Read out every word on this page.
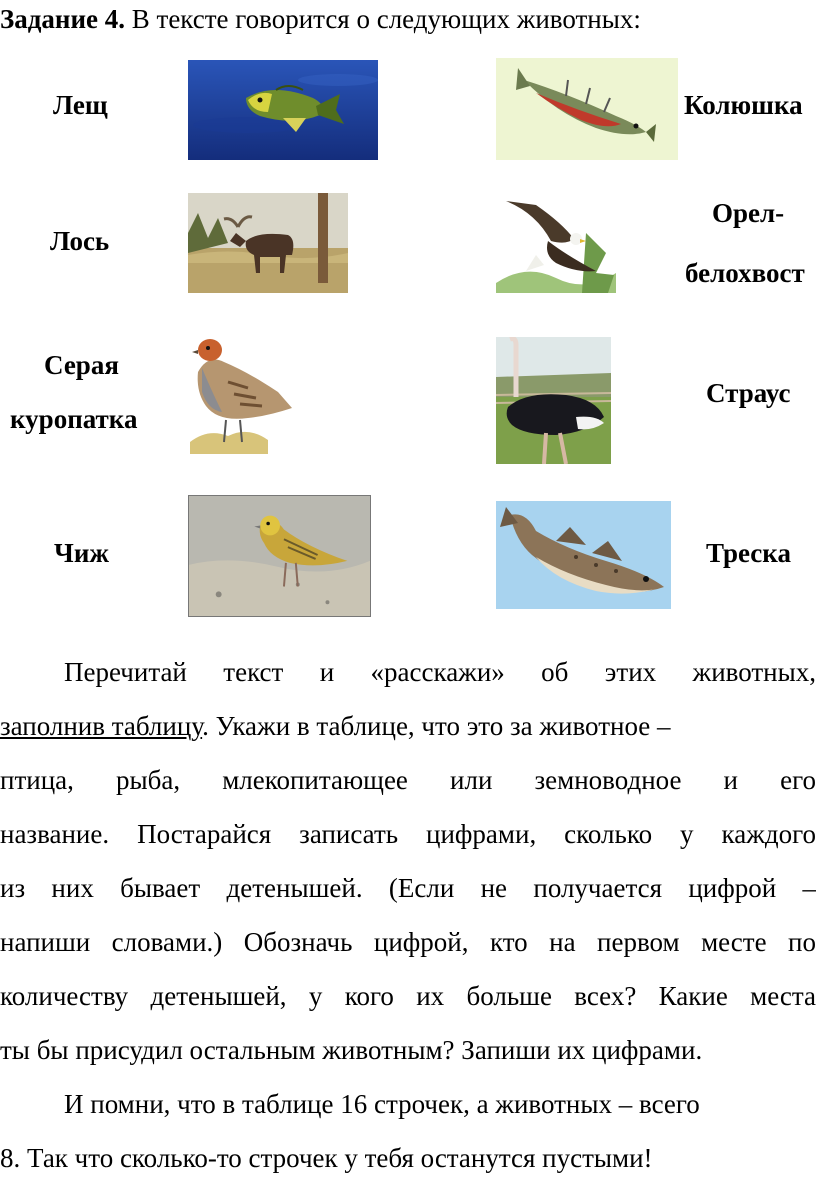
Задание 4. В тексте говорится о следующих животных:
Лещ	Колюшка
Лось
Орел-
белохвост
Серая
куропатка
Страус
Чиж	Треска
Перечитай текст и «расскажи» об этих животных,
заполнив таблицу. Укажи в таблице, что это за животное –
птица, рыба, млекопитающее или земноводное и его
название. Постарайся записать цифрами, сколько у каждого
из них бывает детенышей. (Если не получается цифрой –
напиши словами.) Обозначь цифрой, кто на первом месте по
количеству детенышей, у кого их больше всех? Какие места
ты бы присудил остальным животным? Запиши их цифрами.
И помни, что в таблице 16 строчек, а животных – всего
8. Так что сколько-то строчек у тебя останутся пустыми!
